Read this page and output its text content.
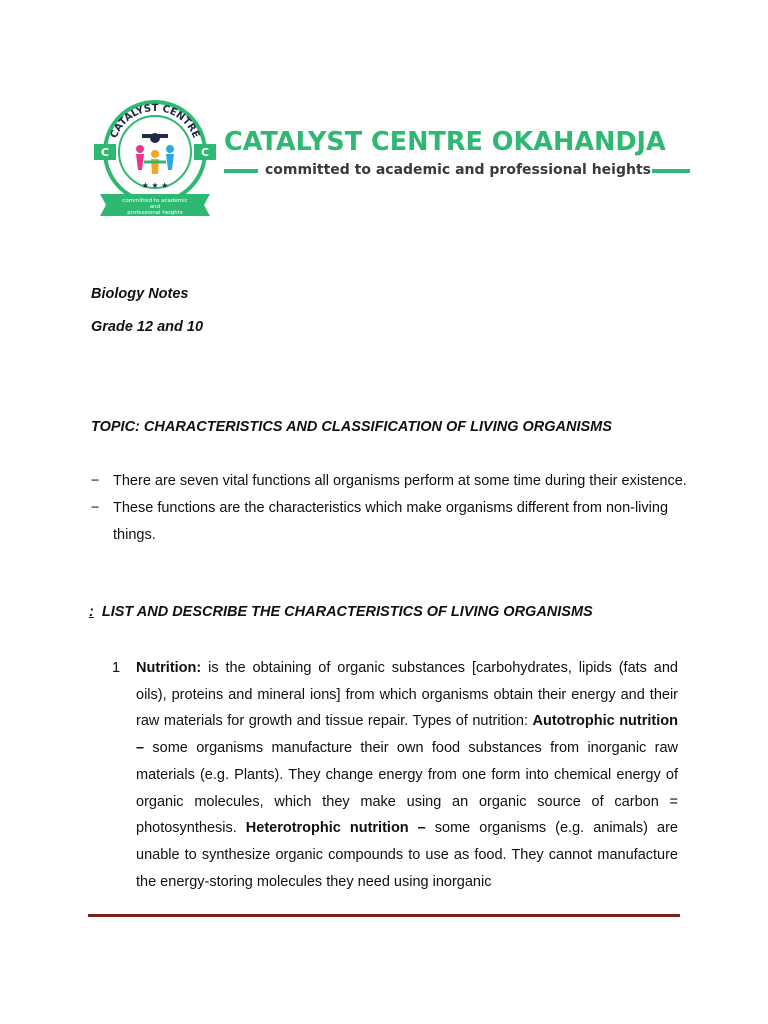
CATALYST CENTRE
C	C
★ ★ ★
committed to academic
and
professional heights
CATALYST CENTRE OKAHANDJA
committed to academic and professional heights
Biology Notes
Grade 12 and 10
TOPIC: CHARACTERISTICS AND CLASSIFICATION OF LIVING ORGANISMS
− There are seven vital functions all organisms perform at some time during their existence.
− These functions are the characteristics which make organisms different from non-living things.
: LIST AND DESCRIBE THE CHARACTERISTICS OF LIVING ORGANISMS
1 Nutrition: is the obtaining of organic substances [carbohydrates, lipids (fats and oils), proteins and mineral ions] from which organisms obtain their energy and their raw materials for growth and tissue repair. Types of nutrition: Autotrophic nutrition – some organisms manufacture their own food substances from inorganic raw materials (e.g. Plants). They change energy from one form into chemical energy of organic molecules, which they make using an organic source of carbon = photosynthesis. Heterotrophic nutrition – some organisms (e.g. animals) are unable to synthesize organic compounds to use as food. They cannot manufacture the energy-storing molecules they need using inorganic
